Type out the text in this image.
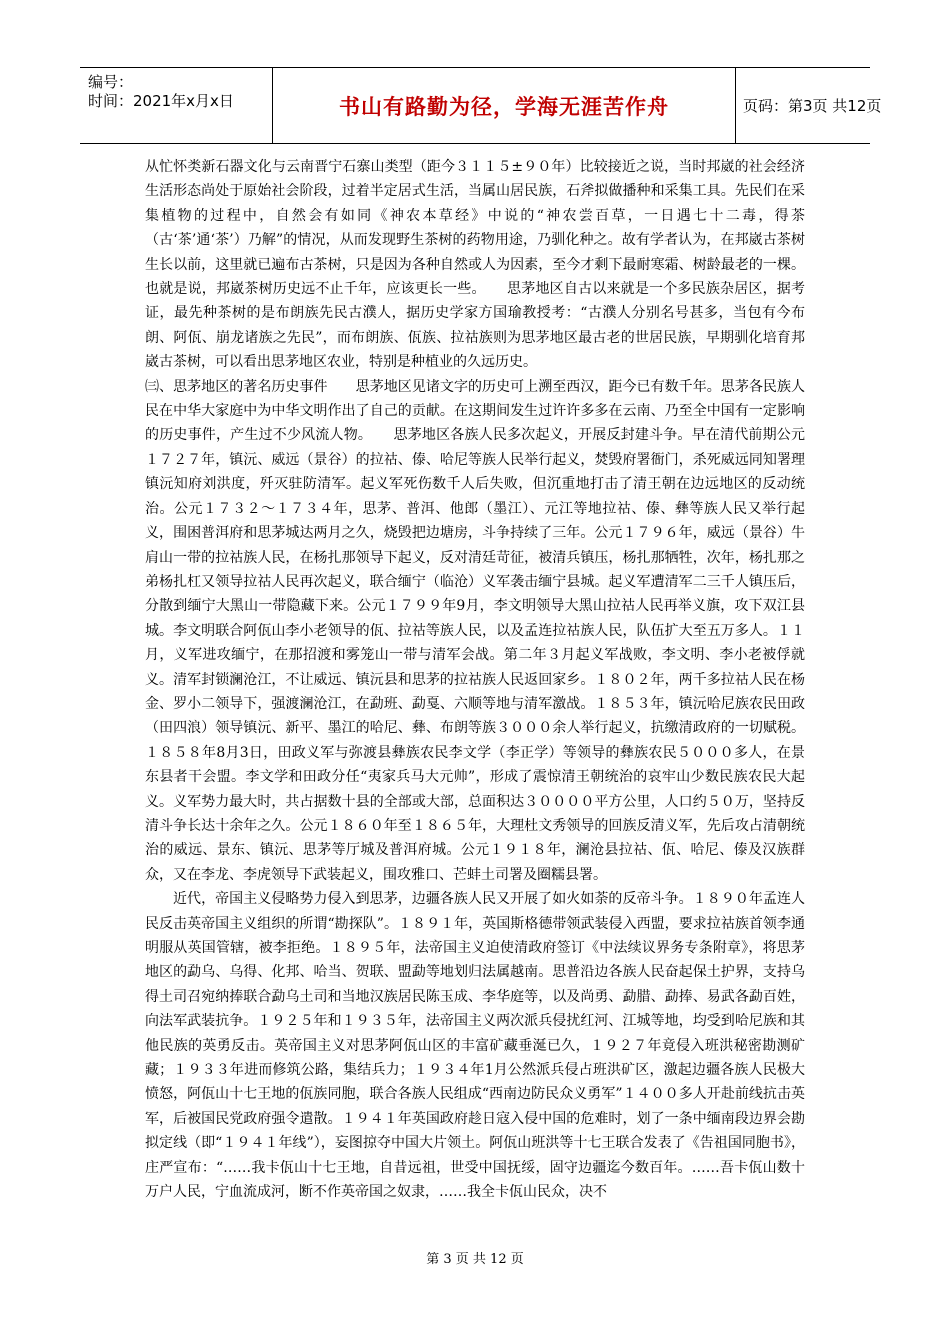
编号：
时间：2021年x月x日	书山有路勤为径，学海无涯苦作舟	页码：第3页 共12页

从忙怀类新石器文化与云南晋宁石寨山类型（距今３１１５±９０年）比较接近之说，当时邦崴的社会经济生活形态尚处于原始社会阶段，过着半定居式生活，当属山居民族，石斧拟做播种和采集工具。先民们在采集植物的过程中，自然会有如同《神农本草经》中说的“神农尝百草，一日遇七十二毒，得茶（古‘茶’通‘茶’）乃解”的情况，从而发现野生茶树的药物用途，乃驯化种之。故有学者认为，在邦崴古茶树生长以前，这里就已遍布古茶树，只是因为各种自然或人为因素，至今才剩下最耐寒霜、树龄最老的一棵。也就是说，邦崴茶树历史远不止千年，应该更长一些。　　思茅地区自古以来就是一个多民族杂居区，据考证，最先种茶树的是布朗族先民古濮人，据历史学家方国瑜教授考：“古濮人分别名号甚多，当包有今布朗、阿佤、崩龙诸族之先民”，而布朗族、佤族、拉祜族则为思茅地区最古老的世居民族，早期驯化培育邦崴古茶树，可以看出思茅地区农业，特别是种植业的久远历史。

㈢、思茅地区的著名历史事件　　思茅地区见诸文字的历史可上溯至西汉，距今已有数千年。思茅各民族人民在中华大家庭中为中华文明作出了自己的贡献。在这期间发生过许许多多在云南、乃至全中国有一定影响的历史事件，产生过不少风流人物。　　思茅地区各族人民多次起义，开展反封建斗争。早在清代前期公元１７２７年，镇沅、威远（景谷）的拉祜、傣、哈尼等族人民举行起义，焚毁府署衙门，杀死威远同知署理镇沅知府刘洪度，歼灭驻防清军。起义军死伤数千人后失败，但沉重地打击了清王朝在边远地区的反动统治。公元１７３２～１７３４年，思茅、普洱、他郎（墨江）、元江等地拉祜、傣、彝等族人民又举行起义，围困普洱府和思茅城达两月之久，烧毁把边塘房，斗争持续了三年。公元１７９６年，威远（景谷）牛肩山一带的拉祜族人民，在杨扎那领导下起义，反对清廷苛征，被清兵镇压，杨扎那牺牲，次年，杨扎那之弟杨扎杠又领导拉祜人民再次起义，联合缅宁（临沧）义军袭击缅宁县城。起义军遭清军二三千人镇压后，分散到缅宁大黑山一带隐藏下来。公元１７９９年9月，李文明领导大黑山拉祜人民再举义旗，攻下双江县城。李文明联合阿佤山李小老领导的佤、拉祜等族人民，以及孟连拉祜族人民，队伍扩大至五万多人。１１月，义军进攻缅宁，在那招渡和雾笼山一带与清军会战。第二年３月起义军战败，李文明、李小老被俘就义。清军封锁澜沧江，不让威远、镇沅县和思茅的拉祜族人民返回家乡。１８０２年，两千多拉祜人民在杨金、罗小二领导下，强渡澜沧江，在勐班、勐戛、六顺等地与清军激战。１８５３年，镇沅哈尼族农民田政（田四浪）领导镇沅、新平、墨江的哈尼、彝、布朗等族３０００余人举行起义，抗缴清政府的一切赋税。１８５８年8月3日，田政义军与弥渡县彝族农民李文学（李正学）等领导的彝族农民５０００多人，在景东县者干会盟。李文学和田政分任“夷家兵马大元帅”，形成了震惊清王朝统治的哀牢山少数民族农民大起义。义军势力最大时，共占据数十县的全部或大部，总面积达３００００平方公里，人口约５０万，坚持反清斗争长达十余年之久。公元１８６０年至１８６５年，大理杜文秀领导的回族反清义军，先后攻占清朝统治的威远、景东、镇沅、思茅等厅城及普洱府城。公元１９１８年，澜沧县拉祜、佤、哈尼、傣及汉族群众，又在李龙、李虎领导下武装起义，围攻雅口、芒蚌土司署及圈糯县署。

近代，帝国主义侵略势力侵入到思茅，边疆各族人民又开展了如火如荼的反帝斗争。１８９０年孟连人民反击英帝国主义组织的所谓“勘探队”。１８９１年，英国斯格德带领武装侵入西盟，要求拉祜族首领李通明服从英国管辖，被李拒绝。１８９５年，法帝国主义迫使清政府签订《中法续议界务专条附章》，将思茅地区的勐乌、乌得、化邦、哈当、贺联、盟勐等地划归法属越南。思普沿边各族人民奋起保土护界，支持乌得土司召宛纳捧联合勐乌土司和当地汉族居民陈玉成、李华庭等，以及尚勇、勐腊、勐捧、易武各勐百姓，向法军武装抗争。１９２５年和１９３５年，法帝国主义两次派兵侵扰红河、江城等地，均受到哈尼族和其他民族的英勇反击。英帝国主义对思茅阿佤山区的丰富矿藏垂涎已久，１９２７年竟侵入班洪秘密勘测矿藏；１９３３年进而修筑公路，集结兵力；１９３４年1月公然派兵侵占班洪矿区，激起边疆各族人民极大愤怒，阿佤山十七王地的佤族同胞，联合各族人民组成“西南边防民众义勇军”１４００多人开赴前线抗击英军，后被国民党政府强令遣散。１９４１年英国政府趁日寇入侵中国的危难时，划了一条中缅南段边界会勘拟定线（即“１９４１年线”），妄图掠夺中国大片领土。阿佤山班洪等十七王联合发表了《告祖国同胞书》，庄严宣布：“……我卡佤山十七王地，自昔远祖，世受中国抚绥，固守边疆迄今数百年。……吾卡佤山数十万户人民，宁血流成河，断不作英帝国之奴隶，……我全卡佤山民众，决不

第 3 页 共 12 页
